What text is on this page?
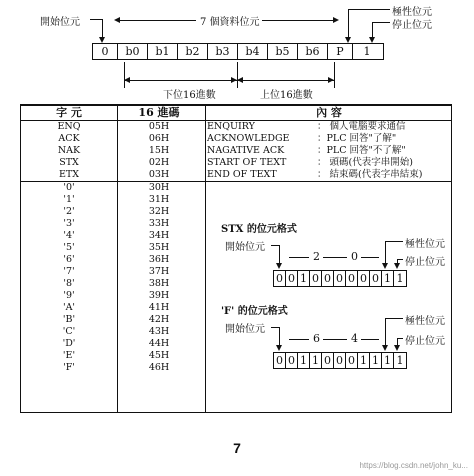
開始位元	7 個資料位元
極性位元
停止位元
0	b0	b1	b2	b3	b4	b5	b6	P	1
下位16進數	上位16進數
字 元	16 進碼	內 容
ENQ	05H	ENQUIRY	： 個人電腦要求通信
ACK	06H	ACKNOWLEDGE	：PLC 回答"了解"
NAK	15H	NAGATIVE ACK	：PLC 回答"不了解"
STX	02H	START OF TEXT	： 頭碼(代表字串開始)
ETX	03H	END OF TEXT	： 結束碼(代表字串結束)
'0'	30H
'1'	31H
'2'	32H
'3'	33H
'4'	34H
'5'	35H
'6'	36H
'7'	37H
'8'	38H
'9'	39H
'A'	41H
'B'	42H
'C'	43H
'D'	44H
'E'	45H
'F'	46H
STX 的位元格式
開始位元	極性位元
停止位元
2	0
0 0 1 0 0 0 0 0 0 1 1
'F' 的位元格式
開始位元
極性位元
停止位元
6	4
0 0 1 1 0 0 0 1 1 1 1
7
https://blog.csdn.net/john_ku...
